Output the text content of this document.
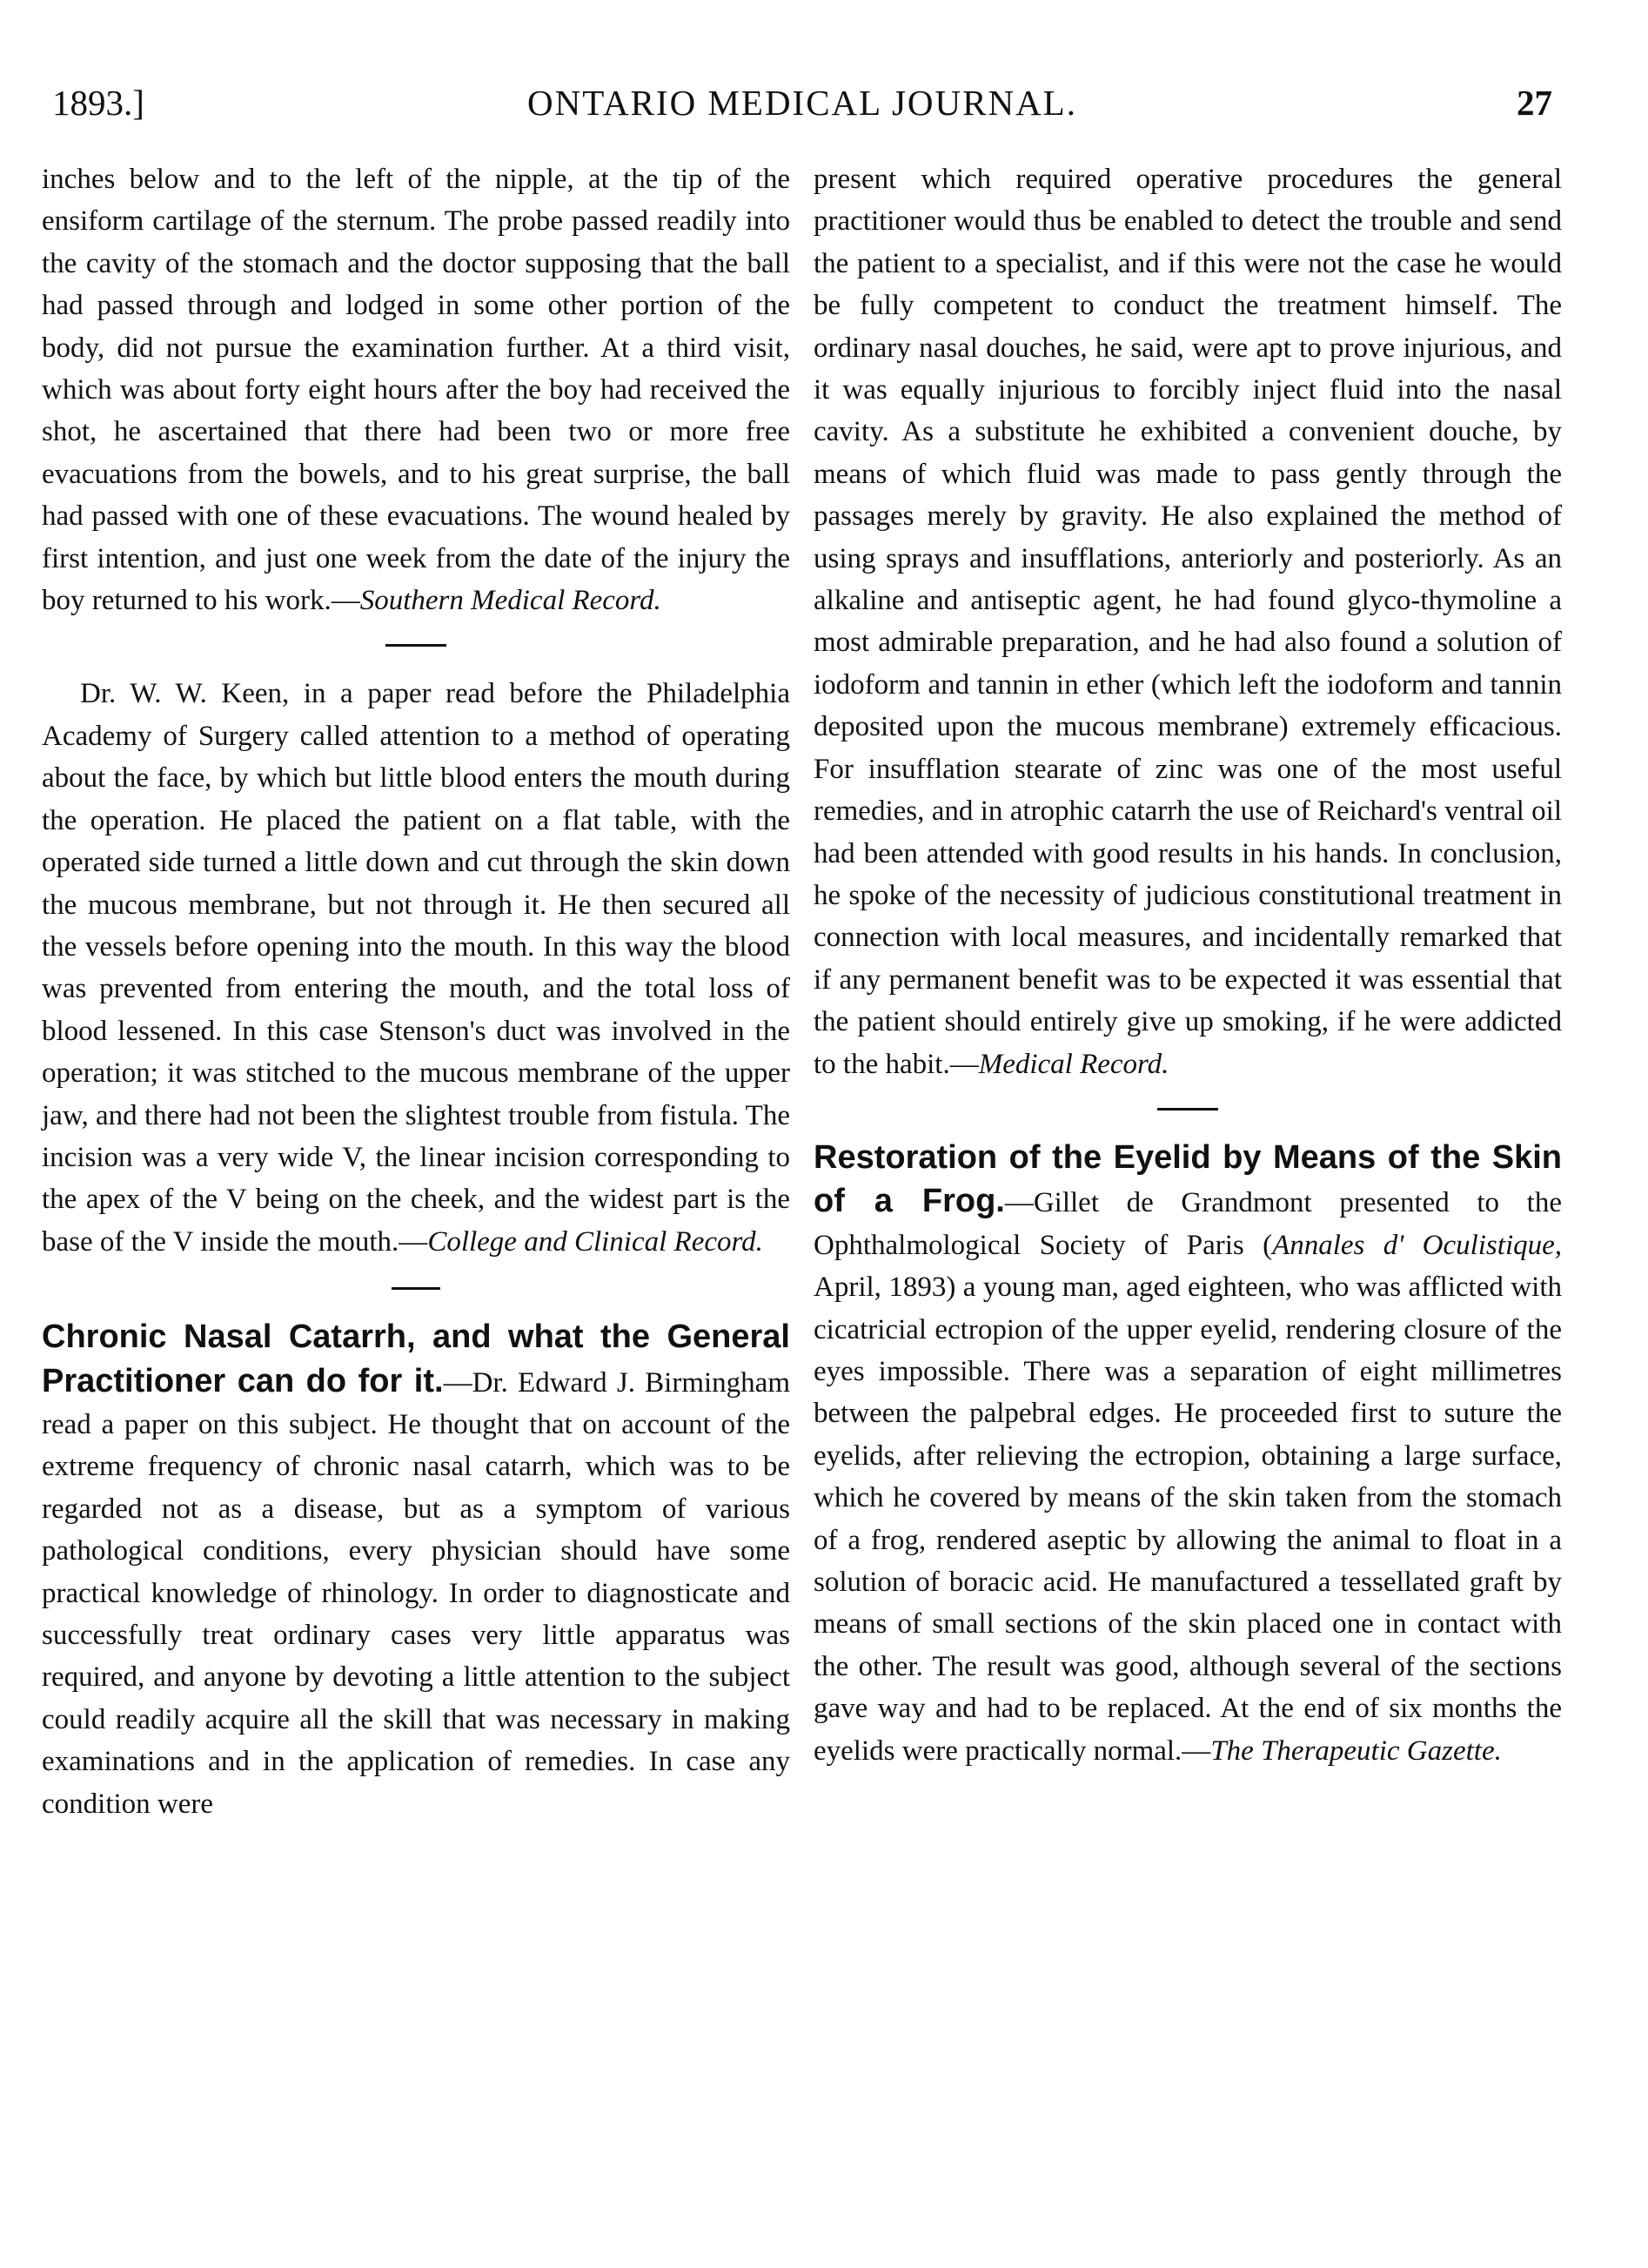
1893.]	ONTARIO MEDICAL JOURNAL.	27

inches below and to the left of the nipple, at the tip of the ensiform cartilage of the sternum. The probe passed readily into the cavity of the stomach and the doctor supposing that the ball had passed through and lodged in some other portion of the body, did not pursue the examination further. At a third visit, which was about forty eight hours after the boy had received the shot, he ascertained that there had been two or more free evacuations from the bowels, and to his great surprise, the ball had passed with one of these evacuations. The wound healed by first intention, and just one week from the date of the injury the boy returned to his work.—Southern Medical Record.

Dr. W. W. Keen, in a paper read before the Philadelphia Academy of Surgery called attention to a method of operating about the face, by which but little blood enters the mouth during the operation. He placed the patient on a flat table, with the operated side turned a little down and cut through the skin down the mucous membrane, but not through it. He then secured all the vessels before opening into the mouth. In this way the blood was prevented from entering the mouth, and the total loss of blood lessened. In this case Stenson's duct was involved in the operation; it was stitched to the mucous membrane of the upper jaw, and there had not been the slightest trouble from fistula. The incision was a very wide V, the linear incision corresponding to the apex of the V being on the cheek, and the widest part is the base of the V inside the mouth.—College and Clinical Record.

Chronic Nasal Catarrh, and what the General Practitioner can do for it.—Dr. Edward J. Birmingham read a paper on this subject. He thought that on account of the extreme frequency of chronic nasal catarrh, which was to be regarded not as a disease, but as a symptom of various pathological conditions, every physician should have some practical knowledge of rhinology. In order to diagnosticate and successfully treat ordinary cases very little apparatus was required, and anyone by devoting a little attention to the subject could readily acquire all the skill that was necessary in making examinations and in the application of remedies. In case any condition were

present which required operative procedures the general practitioner would thus be enabled to detect the trouble and send the patient to a specialist, and if this were not the case he would be fully competent to conduct the treatment himself. The ordinary nasal douches, he said, were apt to prove injurious, and it was equally injurious to forcibly inject fluid into the nasal cavity. As a substitute he exhibited a convenient douche, by means of which fluid was made to pass gently through the passages merely by gravity. He also explained the method of using sprays and insufflations, anteriorly and posteriorly. As an alkaline and antiseptic agent, he had found glyco-thymoline a most admirable preparation, and he had also found a solution of iodoform and tannin in ether (which left the iodoform and tannin deposited upon the mucous membrane) extremely efficacious. For insufflation stearate of zinc was one of the most useful remedies, and in atrophic catarrh the use of Reichard's ventral oil had been attended with good results in his hands. In conclusion, he spoke of the necessity of judicious constitutional treatment in connection with local measures, and incidentally remarked that if any permanent benefit was to be expected it was essential that the patient should entirely give up smoking, if he were addicted to the habit.—Medical Record.

Restoration of the Eyelid by Means of the Skin of a Frog.—Gillet de Grandmont presented to the Ophthalmological Society of Paris (Annales d' Oculistique, April, 1893) a young man, aged eighteen, who was afflicted with cicatricial ectropion of the upper eyelid, rendering closure of the eyes impossible. There was a separation of eight millimetres between the palpebral edges. He proceeded first to suture the eyelids, after relieving the ectropion, obtaining a large surface, which he covered by means of the skin taken from the stomach of a frog, rendered aseptic by allowing the animal to float in a solution of boracic acid. He manufactured a tessellated graft by means of small sections of the skin placed one in contact with the other. The result was good, although several of the sections gave way and had to be replaced. At the end of six months the eyelids were practically normal.—The Therapeutic Gazette.
